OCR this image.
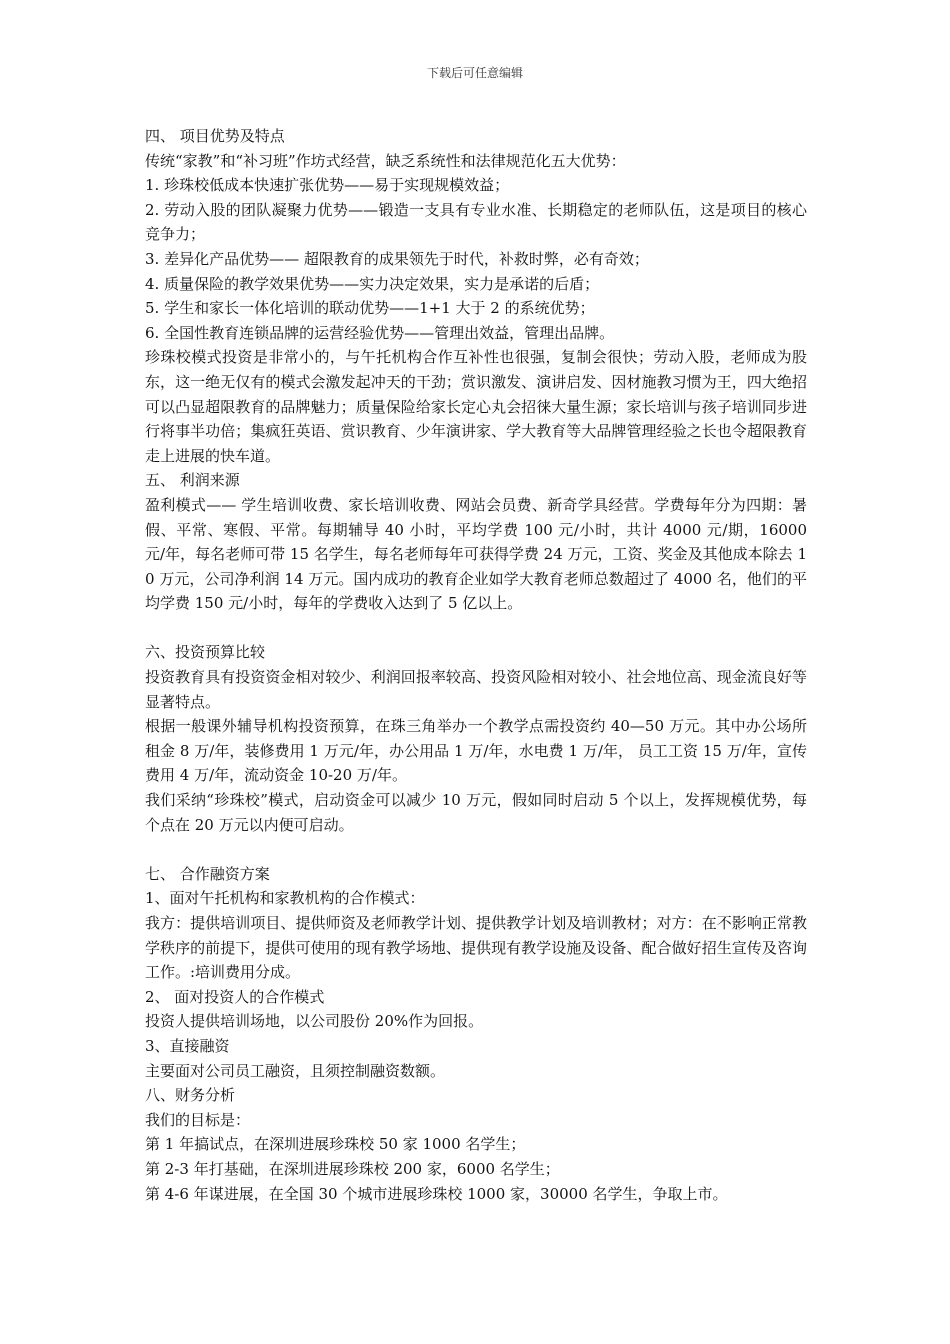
下载后可任意编辑

四、 项目优势及特点

传统“家教”和“补习班”作坊式经营，缺乏系统性和法律规范化五大优势：

1. 珍珠校低成本快速扩张优势——易于实现规模效益；

2. 劳动入股的团队凝聚力优势——锻造一支具有专业水准、长期稳定的老师队伍，这是项目的核心竞争力；

3. 差异化产品优势—— 超限教育的成果领先于时代，补救时弊，必有奇效；

4. 质量保险的教学效果优势——实力决定效果，实力是承诺的后盾；

5. 学生和家长一体化培训的联动优势——1+1 大于 2 的系统优势；

6. 全国性教育连锁品牌的运营经验优势——管理出效益，管理出品牌。

珍珠校模式投资是非常小的，与午托机构合作互补性也很强，复制会很快；劳动入股，老师成为股东，这一绝无仅有的模式会激发起冲天的干劲；赏识激发、演讲启发、因材施教习惯为王，四大绝招可以凸显超限教育的品牌魅力；质量保险给家长定心丸会招徕大量生源；家长培训与孩子培训同步进行将事半功倍；集疯狂英语、赏识教育、少年演讲家、学大教育等大品牌管理经验之长也令超限教育走上进展的快车道。

五、 利润来源

盈利模式—— 学生培训收费、家长培训收费、网站会员费、新奇学具经营。学费每年分为四期：暑假、平常、寒假、平常。每期辅导 40 小时，平均学费 100 元/小时，共计 4000 元/期，16000 元/年，每名老师可带 15 名学生，每名老师每年可获得学费 24 万元，工资、奖金及其他成本除去 10 万元，公司净利润 14 万元。国内成功的教育企业如学大教育老师总数超过了 4000 名，他们的平均学费 150 元/小时，每年的学费收入达到了 5 亿以上。

六、投资预算比较

投资教育具有投资资金相对较少、利润回报率较高、投资风险相对较小、社会地位高、现金流良好等显著特点。

根据一般课外辅导机构投资预算，在珠三角举办一个教学点需投资约 40—50 万元。其中办公场所租金 8 万/年，装修费用 1 万元/年，办公用品 1 万/年，水电费 1 万/年， 员工工资 15 万/年，宣传费用 4 万/年，流动资金 10-20 万/年。

我们采纳“珍珠校”模式，启动资金可以减少 10 万元，假如同时启动 5 个以上，发挥规模优势，每个点在 20 万元以内便可启动。

七、 合作融资方案

1、面对午托机构和家教机构的合作模式：

我方：提供培训项目、提供师资及老师教学计划、提供教学计划及培训教材；对方：在不影响正常教学秩序的前提下，提供可使用的现有教学场地、提供现有教学设施及设备、配合做好招生宣传及咨询工作。:培训费用分成。

2、 面对投资人的合作模式

投资人提供培训场地，以公司股份 20%作为回报。

3、直接融资

主要面对公司员工融资，且须控制融资数额。

八、财务分析

我们的目标是：

第 1 年搞试点，在深圳进展珍珠校 50 家 1000 名学生；

第 2-3 年打基础，在深圳进展珍珠校 200 家，6000 名学生；

第 4-6 年谋进展，在全国 30 个城市进展珍珠校 1000 家，30000 名学生，争取上市。
